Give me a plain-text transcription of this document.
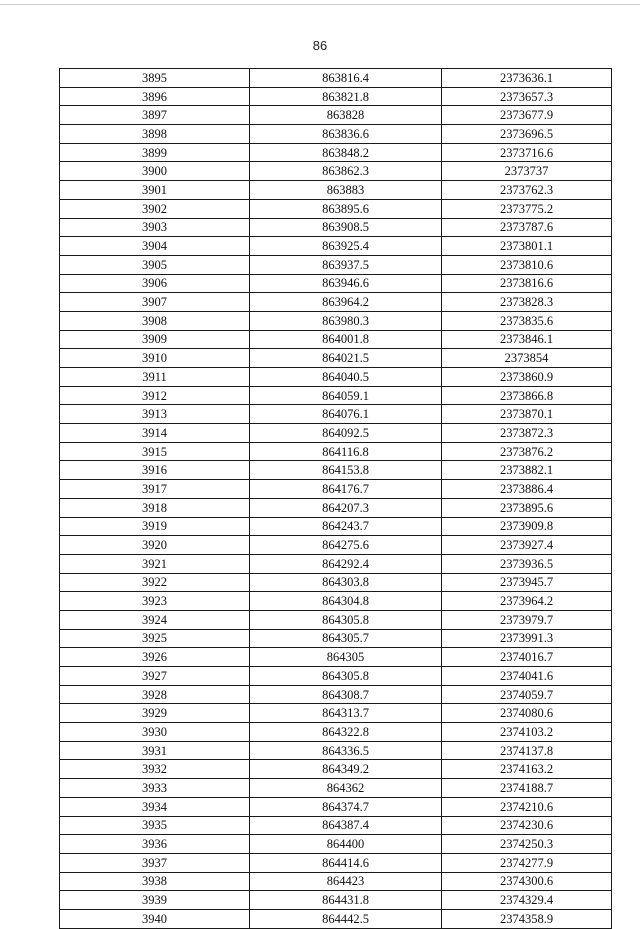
86
3895	863816.4	2373636.1
3896	863821.8	2373657.3
3897	863828	2373677.9
3898	863836.6	2373696.5
3899	863848.2	2373716.6
3900	863862.3	2373737
3901	863883	2373762.3
3902	863895.6	2373775.2
3903	863908.5	2373787.6
3904	863925.4	2373801.1
3905	863937.5	2373810.6
3906	863946.6	2373816.6
3907	863964.2	2373828.3
3908	863980.3	2373835.6
3909	864001.8	2373846.1
3910	864021.5	2373854
3911	864040.5	2373860.9
3912	864059.1	2373866.8
3913	864076.1	2373870.1
3914	864092.5	2373872.3
3915	864116.8	2373876.2
3916	864153.8	2373882.1
3917	864176.7	2373886.4
3918	864207.3	2373895.6
3919	864243.7	2373909.8
3920	864275.6	2373927.4
3921	864292.4	2373936.5
3922	864303.8	2373945.7
3923	864304.8	2373964.2
3924	864305.8	2373979.7
3925	864305.7	2373991.3
3926	864305	2374016.7
3927	864305.8	2374041.6
3928	864308.7	2374059.7
3929	864313.7	2374080.6
3930	864322.8	2374103.2
3931	864336.5	2374137.8
3932	864349.2	2374163.2
3933	864362	2374188.7
3934	864374.7	2374210.6
3935	864387.4	2374230.6
3936	864400	2374250.3
3937	864414.6	2374277.9
3938	864423	2374300.6
3939	864431.8	2374329.4
3940	864442.5	2374358.9
